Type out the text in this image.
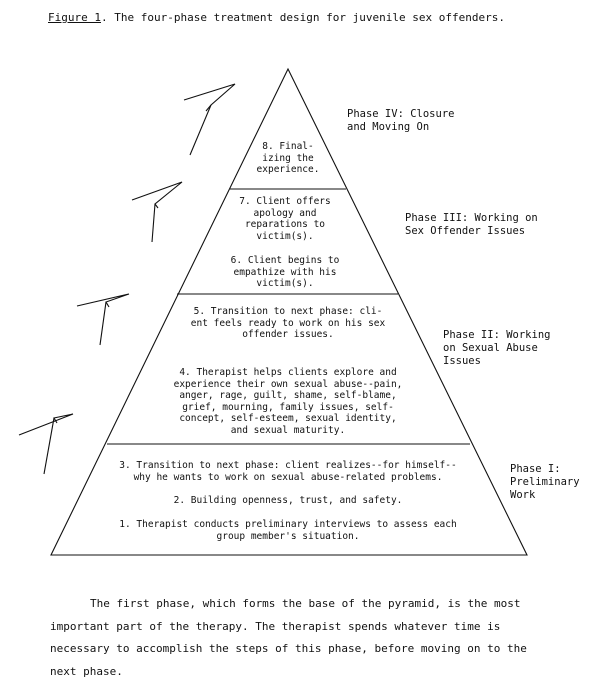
Figure 1. The four-phase treatment design for juvenile sex offenders.
8. Final-
izing the
experience.
7. Client offers
apology and
reparations to
victim(s).
6. Client begins to
empathize with his
victim(s).
5. Transition to next phase: cli-
ent feels ready to work on his sex
offender issues.
4. Therapist helps clients explore and
experience their own sexual abuse--pain,
anger, rage, guilt, shame, self-blame,
grief, mourning, family issues, self-
concept, self-esteem, sexual identity,
and sexual maturity.
3. Transition to next phase: client realizes--for himself--
why he wants to work on sexual abuse-related problems.
2. Building openness, trust, and safety.
1. Therapist conducts preliminary interviews to assess each
group member's situation.
Phase IV: Closure
and Moving On
Phase III: Working on
Sex Offender Issues
Phase II: Working
on Sexual Abuse
Issues
Phase I:
Preliminary
Work
The first phase, which forms the base of the pyramid, is the most
important part of the therapy. The therapist spends whatever time is
necessary to accomplish the steps of this phase, before moving on to the
next phase.
